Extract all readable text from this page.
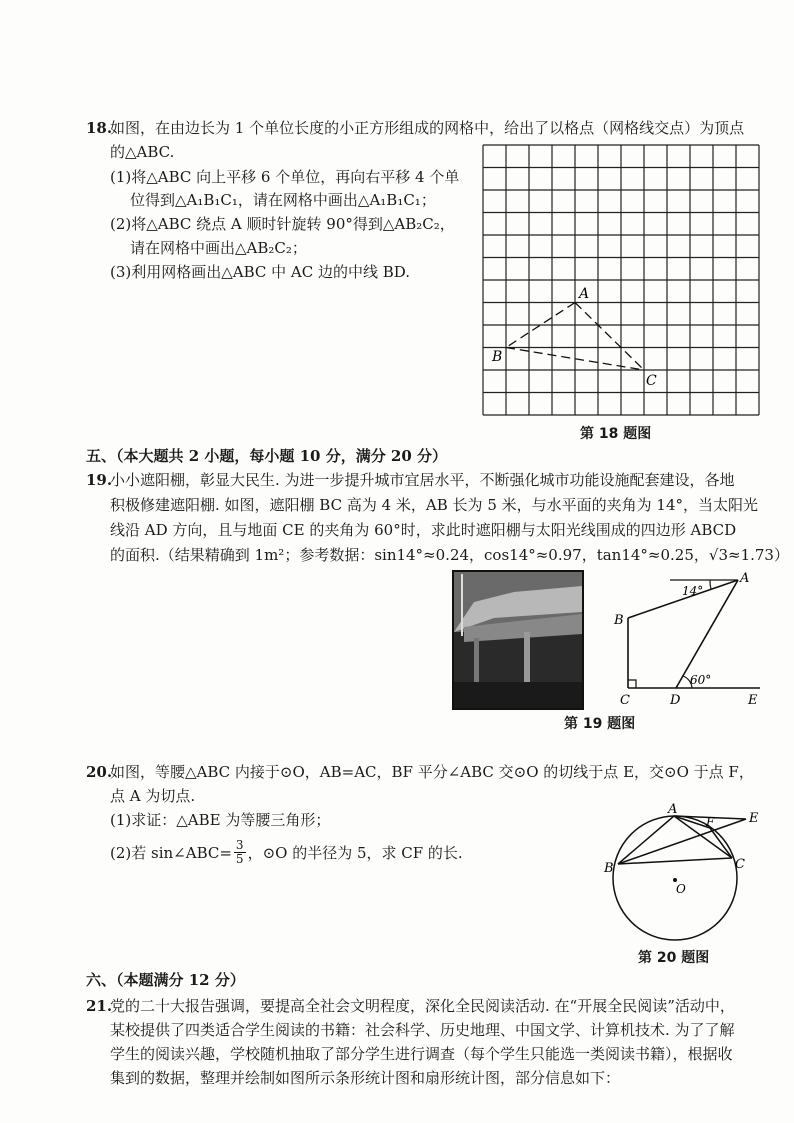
18.
如图，在由边长为 1 个单位长度的小正方形组成的网格中，给出了以格点（网格线交点）为顶点
的△ABC.
(1)将△ABC 向上平移 6 个单位，再向右平移 4 个单
位得到△A₁B₁C₁，请在网格中画出△A₁B₁C₁；
(2)将△ABC 绕点 A 顺时针旋转 90°得到△AB₂C₂，
请在网格中画出△AB₂C₂；
(3)利用网格画出△ABC 中 AC 边的中线 BD.
A
B
C
第 18 题图
五、（本大题共 2 小题，每小题 10 分，满分 20 分）
19.
小小遮阳棚，彰显大民生. 为进一步提升城市宜居水平，不断强化城市功能设施配套建设，各地
积极修建遮阳棚. 如图，遮阳棚 BC 高为 4 米，AB 长为 5 米，与水平面的夹角为 14°，当太阳光
线沿 AD 方向，且与地面 CE 的夹角为 60°时，求此时遮阳棚与太阳光线围成的四边形 ABCD
的面积.（结果精确到 1m²；参考数据：sin14°≈0.24，cos14°≈0.97，tan14°≈0.25，√3≈1.73）
A
B
C	D	E
14°
60°
第 19 题图
20.
如图，等腰△ABC 内接于⊙O，AB=AC，BF 平分∠ABC 交⊙O 的切线于点 E，交⊙O 于点 F，
点 A 为切点.
(1)求证：△ABE 为等腰三角形；
(2)若 sin∠ABC= $\frac{3}{5}$ ，⊙O 的半径为 5，求 CF 的长.
A
B	C
E
F
O
第 20 题图
六、（本题满分 12 分）
21.
党的二十大报告强调，要提高全社会文明程度，深化全民阅读活动. 在“开展全民阅读”活动中，
某校提供了四类适合学生阅读的书籍：社会科学、历史地理、中国文学、计算机技术. 为了了解
学生的阅读兴趣，学校随机抽取了部分学生进行调查（每个学生只能选一类阅读书籍），根据收
集到的数据，整理并绘制如图所示条形统计图和扇形统计图，部分信息如下：
